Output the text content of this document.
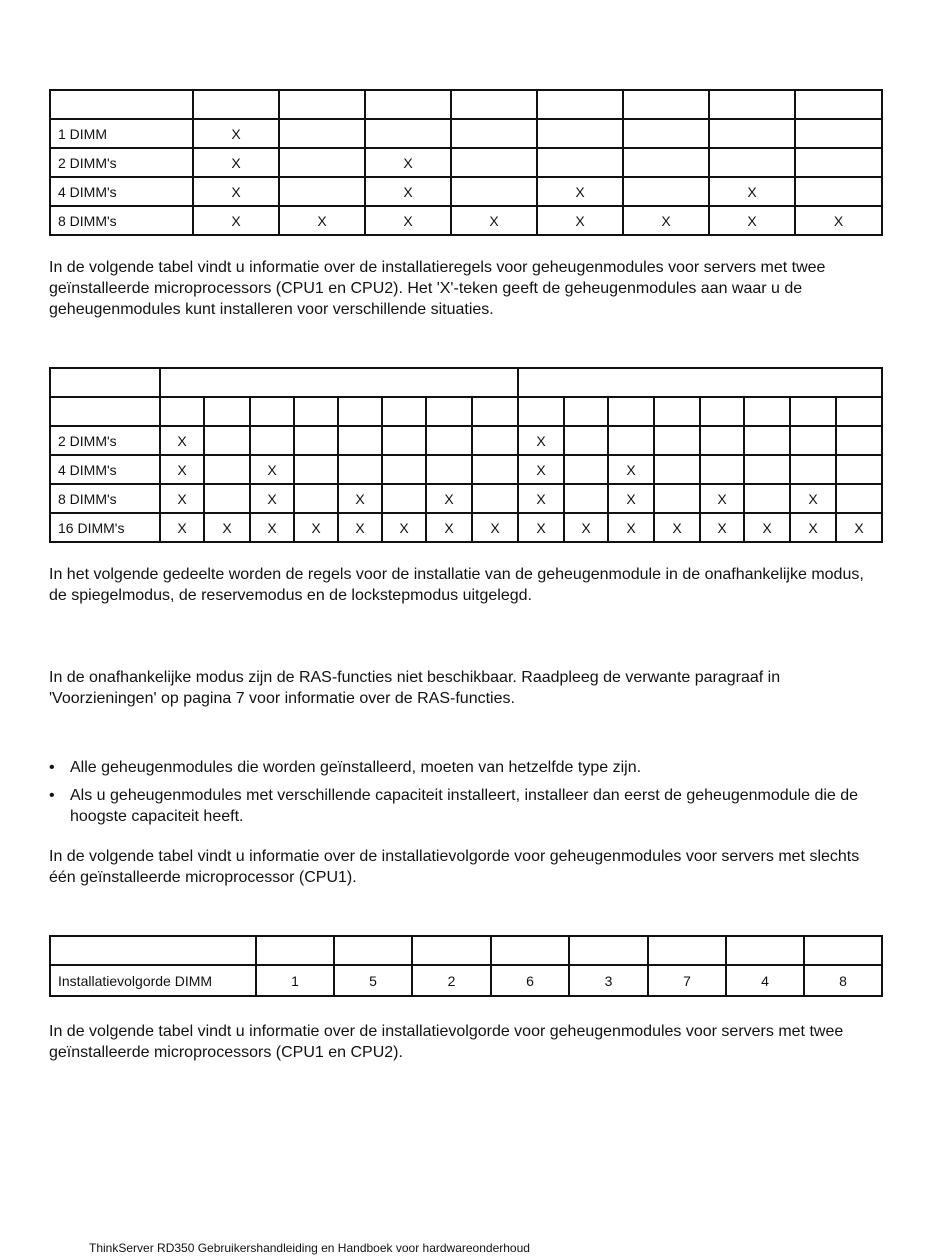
1 DIMM	X							
2 DIMM's	X		X					
4 DIMM's	X		X		X		X	
8 DIMM's	X	X	X	X	X	X	X	X

In de volgende tabel vindt u informatie over de installatieregels voor geheugenmodules voor servers met twee geïnstalleerde microprocessors (CPU1 en CPU2). Het 'X'-teken geeft de geheugenmodules aan waar u de geheugenmodules kunt installeren voor verschillende situaties.

2 DIMM's	X								X							
4 DIMM's	X		X						X		X					
8 DIMM's	X		X		X		X		X		X		X		X	
16 DIMM's	X	X	X	X	X	X	X	X	X	X	X	X	X	X	X	X

In het volgende gedeelte worden de regels voor de installatie van de geheugenmodule in de onafhankelijke modus, de spiegelmodus, de reservemodus en de lockstepmodus uitgelegd.

In de onafhankelijke modus zijn de RAS-functies niet beschikbaar. Raadpleeg de verwante paragraaf in 'Voorzieningen' op pagina 7 voor informatie over de RAS-functies.

• Alle geheugenmodules die worden geïnstalleerd, moeten van hetzelfde type zijn.
• Als u geheugenmodules met verschillende capaciteit installeert, installeer dan eerst de geheugenmodule die de hoogste capaciteit heeft.

In de volgende tabel vindt u informatie over de installatievolgorde voor geheugenmodules voor servers met slechts één geïnstalleerde microprocessor (CPU1).

Installatievolgorde DIMM	1	5	2	6	3	7	4	8

In de volgende tabel vindt u informatie over de installatievolgorde voor geheugenmodules voor servers met twee geïnstalleerde microprocessors (CPU1 en CPU2).

ThinkServer RD350 Gebruikershandleiding en Handboek voor hardwareonderhoud
